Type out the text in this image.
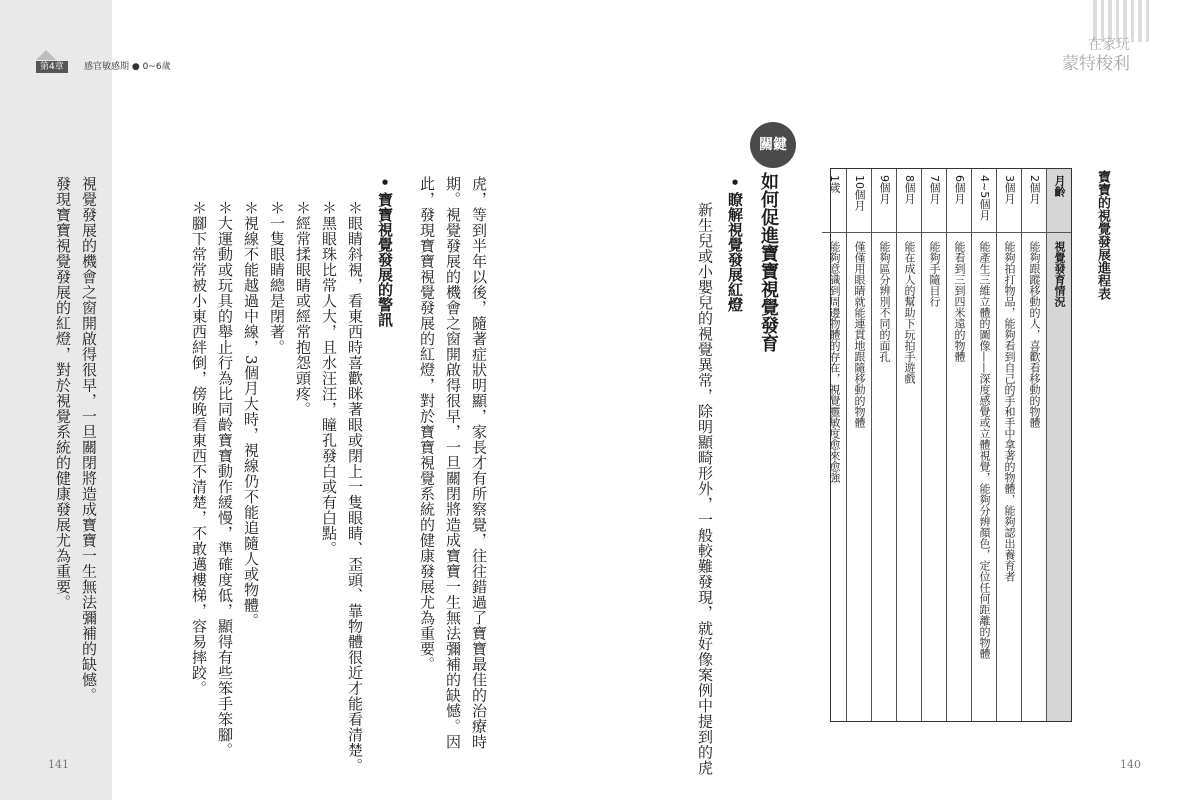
第4章	感官敏感期 ● 0~6歲
在家玩
蒙特梭利
141	140
寶寶的視覺發展進程表
月齡
視覺發育情況
2個月
能夠跟蹤移動的人，喜歡看移動的物體
3個月
能夠拍打物品，能夠看到自己的手和手中拿著的物體，能夠認出養育者
4~5個月
能產生三維立體的圖像——深度感覺或立體視覺，能夠分辨顏色，定位任何距離的物體
6個月
能看到三到四米遠的物體
7個月
能夠手隨目行
8個月
能在成人的幫助下玩拍手遊戲
9個月
能夠區分辨別不同的面孔
10個月
僅僅用眼睛就能連貫地跟隨移動的物體
1歲
能夠意識到周邊物體的存在，視覺靈敏度愈來愈強
關鍵
如何促進寶寶視覺發育
•瞭解視覺發展紅燈
新生兒或小嬰兒的視覺異常，除明顯畸形外，一般較難發現，就好像案例中提到的虎
虎，等到半年以後，隨著症狀明顯，家長才有所察覺，往往錯過了寶寶最佳的治療時
期。視覺發展的機會之窗開啟得很早，一旦關閉將造成寶寶一生無法彌補的缺憾。因
此，發現寶寶視覺發展的紅燈，對於寶寶視覺系統的健康發展尤為重要。
•寶寶視覺發展的警訊
＊眼睛斜視，看東西時喜歡眯著眼或閉上一隻眼睛、歪頭、靠物體很近才能看清楚。
＊黑眼珠比常人大，且水汪汪，瞳孔發白或有白點。
＊經常揉眼睛或經常抱怨頭疼。
＊一隻眼睛總是閉著。
＊視線不能越過中線，3個月大時，視線仍不能追隨人或物體。
＊大運動或玩具的舉止行為比同齡寶寶動作緩慢，準確度低，顯得有些笨手笨腳。
＊腳下常常被小東西絆倒，傍晚看東西不清楚，不敢邁樓梯，容易摔跤。
視覺發展的機會之窗開啟得很早，一旦關閉將造成寶寶一生無法彌補的缺憾。
發現寶寶視覺發展的紅燈，對於視覺系統的健康發展尤為重要。
